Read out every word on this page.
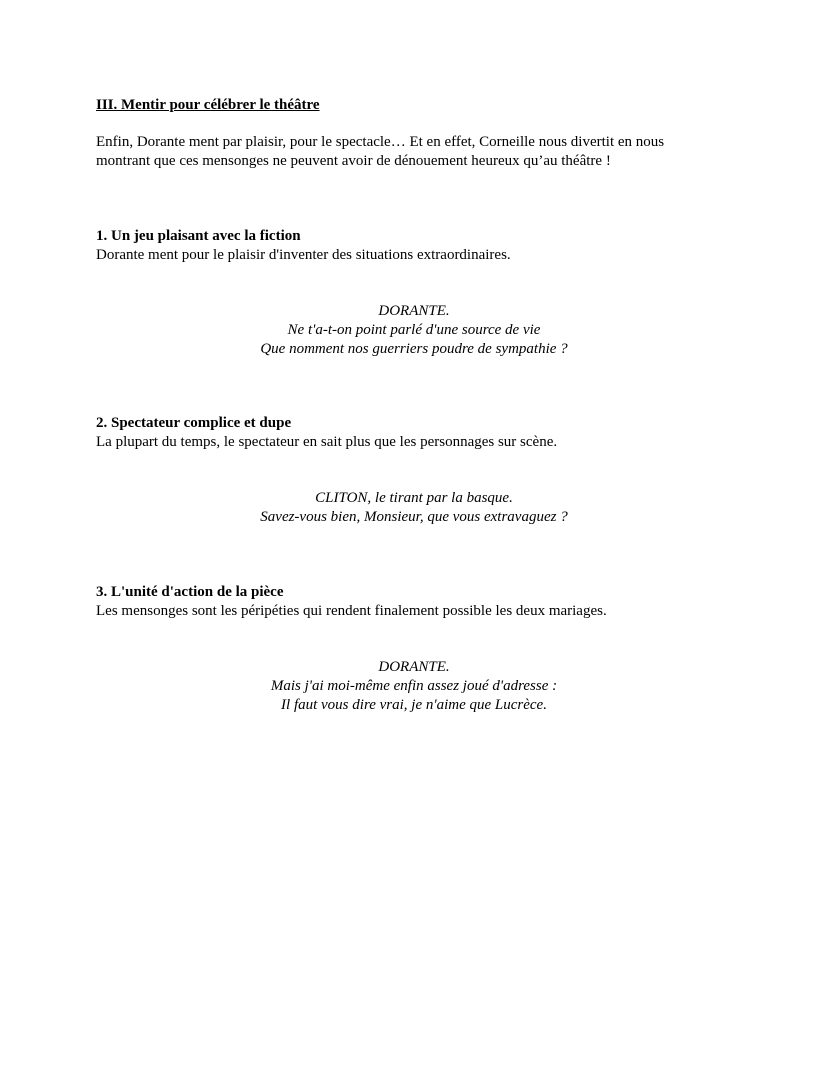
III. Mentir pour célébrer le théâtre
Enfin, Dorante ment par plaisir, pour le spectacle… Et en effet, Corneille nous divertit en nous
montrant que ces mensonges ne peuvent avoir de dénouement heureux qu’au théâtre !
1. Un jeu plaisant avec la fiction
Dorante ment pour le plaisir d'inventer des situations extraordinaires.
DORANTE.
Ne t'a-t-on point parlé d'une source de vie
Que nomment nos guerriers poudre de sympathie ?
2. Spectateur complice et dupe
La plupart du temps, le spectateur en sait plus que les personnages sur scène.
CLITON, le tirant par la basque.
Savez-vous bien, Monsieur, que vous extravaguez ?
3. L'unité d'action de la pièce
Les mensonges sont les péripéties qui rendent finalement possible les deux mariages.
DORANTE.
Mais j'ai moi-même enfin assez joué d'adresse :
Il faut vous dire vrai, je n'aime que Lucrèce.
